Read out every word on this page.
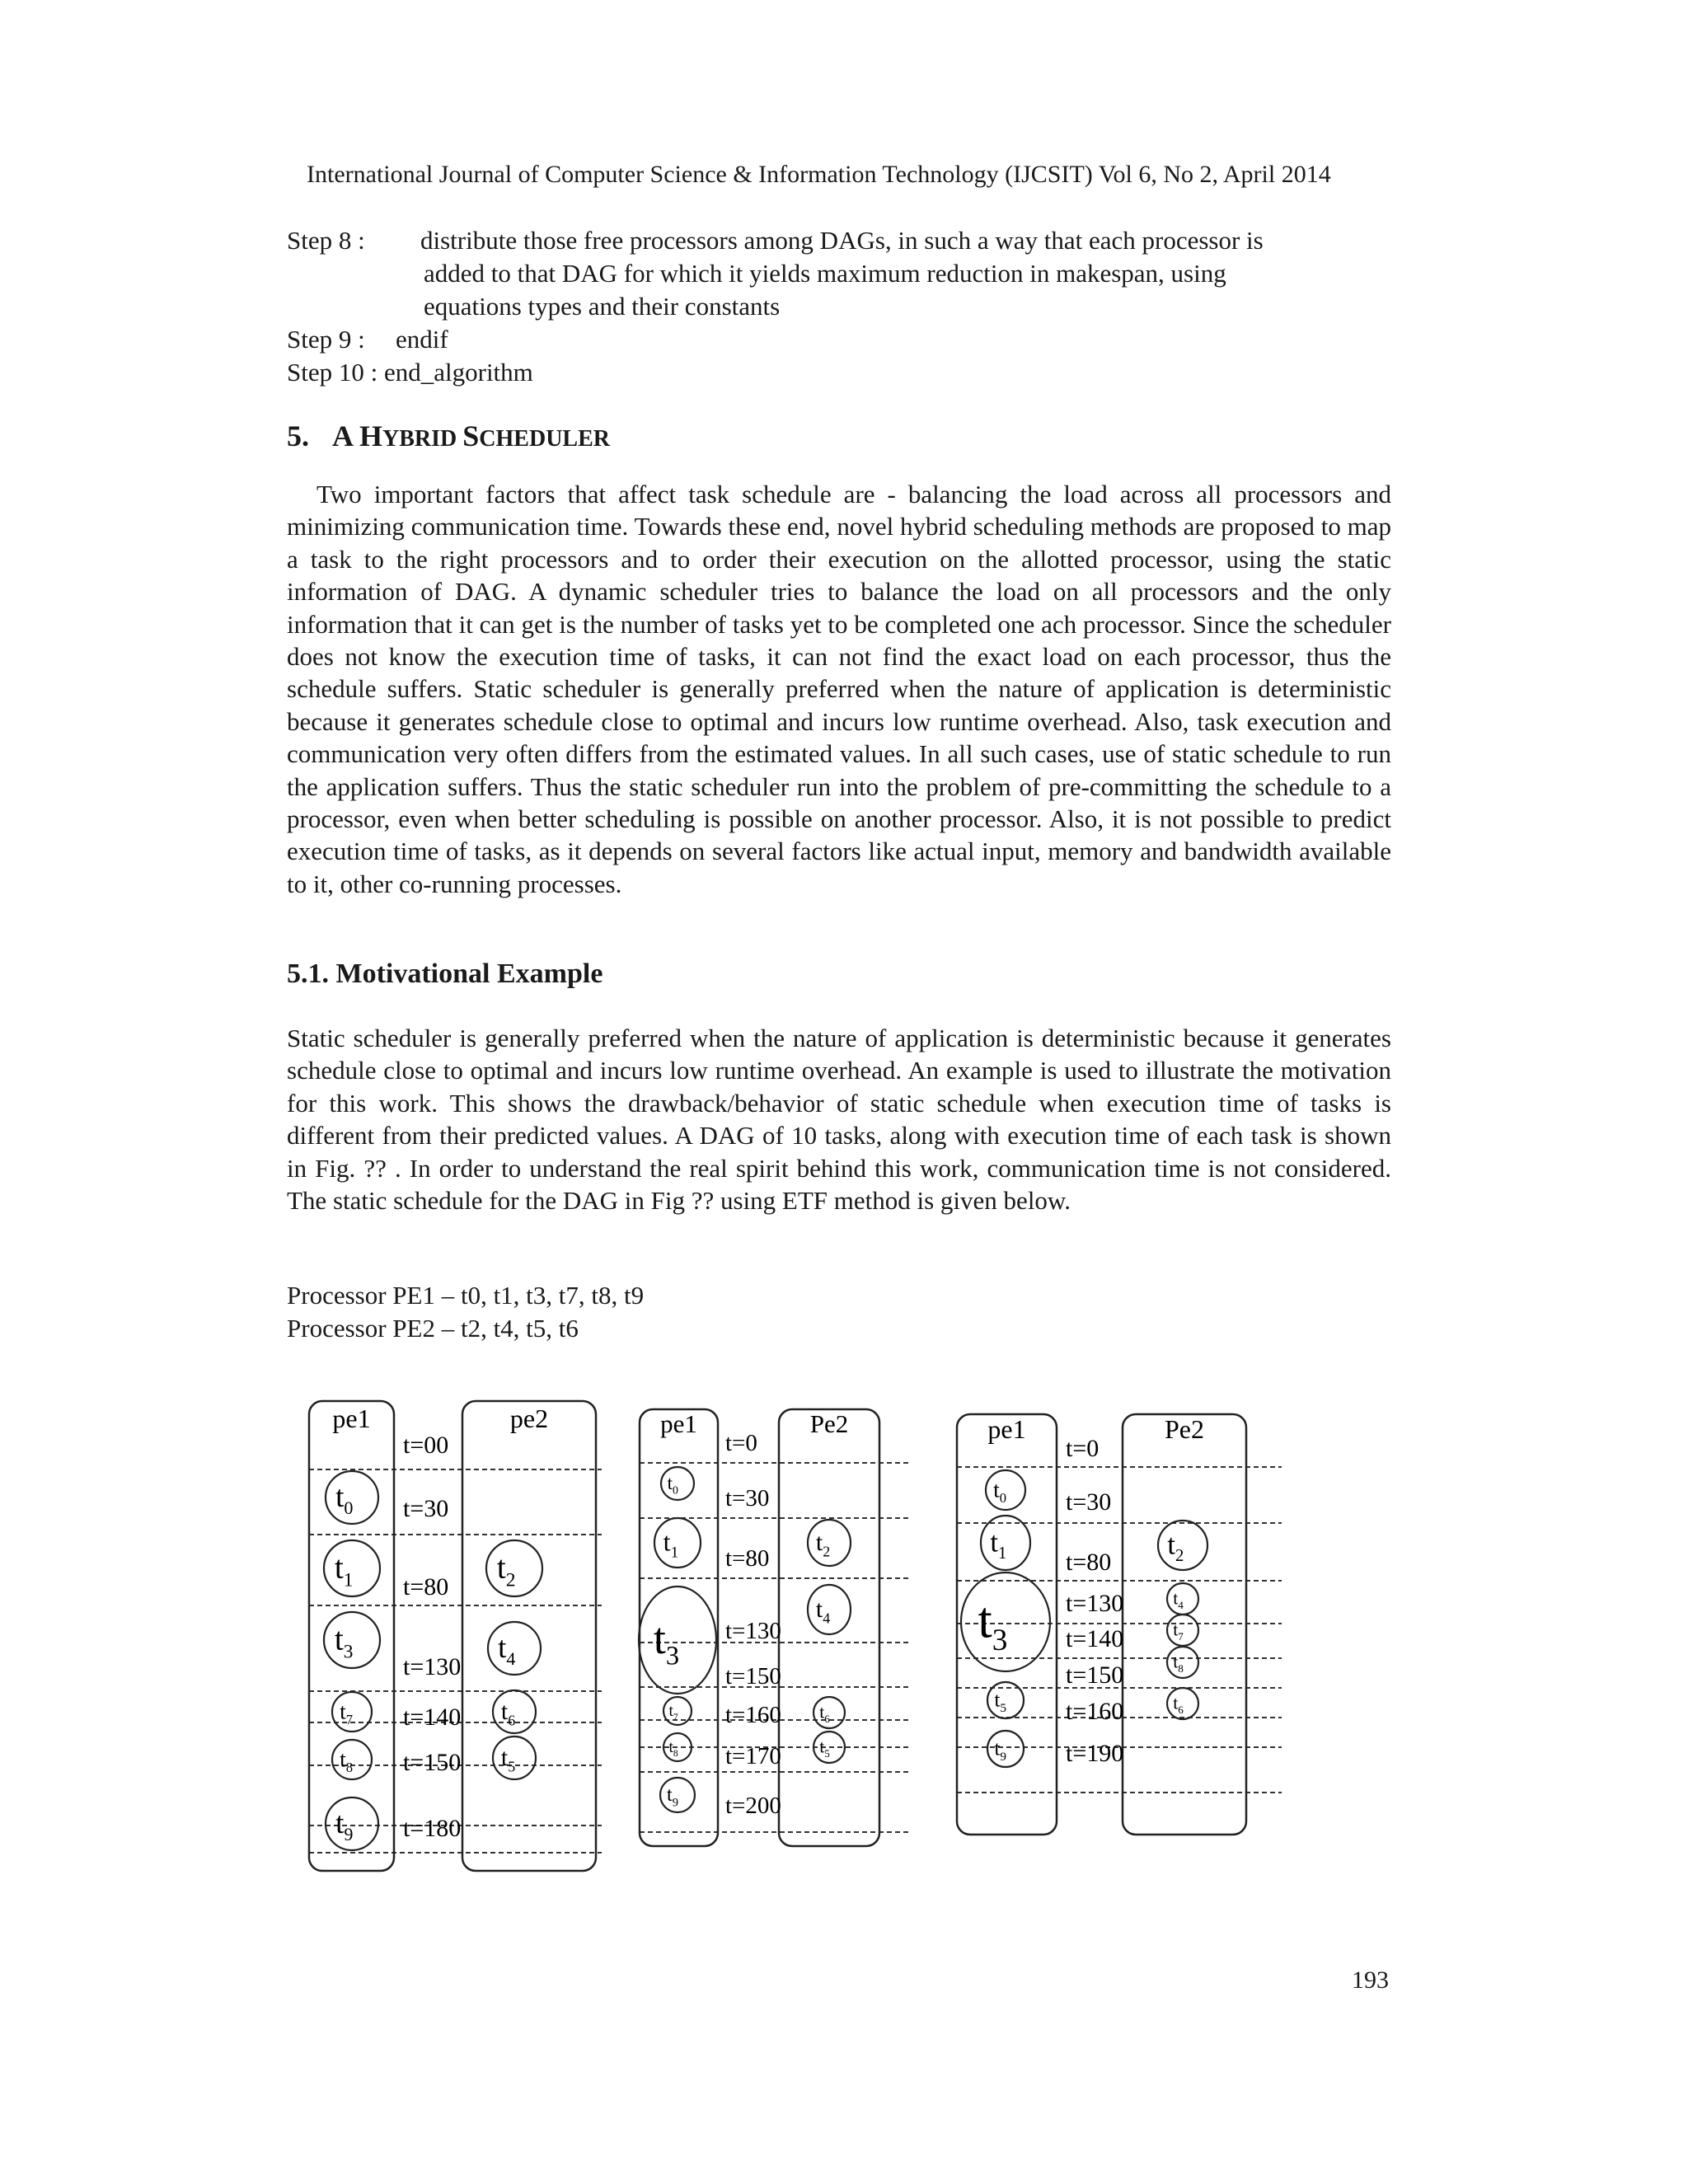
International Journal of Computer Science & Information Technology (IJCSIT) Vol 6, No 2, April 2014
Step 8 : distribute those free processors among DAGs, in such a way that each processor is
added to that DAG for which it yields maximum reduction in makespan, using
equations types and their constants
Step 9 : endif
Step 10 : end_algorithm
5. A HYBRID SCHEDULER

Two important factors that affect task schedule are - balancing the load across all processors and minimizing communication time. Towards these end, novel hybrid scheduling methods are proposed to map a task to the right processors and to order their execution on the allotted processor, using the static information of DAG. A dynamic scheduler tries to balance the load on all processors and the only information that it can get is the number of tasks yet to be completed one ach processor. Since the scheduler does not know the execution time of tasks, it can not find the exact load on each processor, thus the schedule suffers. Static scheduler is generally preferred when the nature of application is deterministic because it generates schedule close to optimal and incurs low runtime overhead. Also, task execution and communication very often differs from the estimated values. In all such cases, use of static schedule to run the application suffers. Thus the static scheduler run into the problem of pre-committing the schedule to a processor, even when better scheduling is possible on another processor. Also, it is not possible to predict execution time of tasks, as it depends on several factors like actual input, memory and bandwidth available to it, other co-running processes.

5.1. Motivational Example

Static scheduler is generally preferred when the nature of application is deterministic because it generates schedule close to optimal and incurs low runtime overhead. An example is used to illustrate the motivation for this work. This shows the drawback/behavior of static schedule when execution time of tasks is different from their predicted values. A DAG of 10 tasks, along with execution time of each task is shown in Fig. ?? . In order to understand the real spirit behind this work, communication time is not considered. The static schedule for the DAG in Fig ?? using ETF method is given below.

Processor PE1 – t0, t1, t3, t7, t8, t9
Processor PE2 – t2, t4, t5, t6
pe1	pe2
t=00
t=30
t=80
t=130
t=140
t=150
t=180
$t_0$
$t_1$
$t_3$
$t_7$
$t_8$
$t_9$
$t_2$
$t_4$
$t_6$
$t_5$
pe1	Pe2
t=0
t=30
t=80
t=130
t=150
t=160
t=170
t=200
$t_0$
$t_1$
$t_3$
$t_7$
$t_8$
$t_9$
$t_2$
$t_4$
$t_6$
$t_5$
pe1	Pe2
t=0
t=30
t=80
t=130
t=140
t=150
t=160
t=190
$t_0$
$t_1$
$t_3$
$t_5$
$t_9$
$t_2$
$t_4$
$t_7$
$t_8$
$t_6$
193
